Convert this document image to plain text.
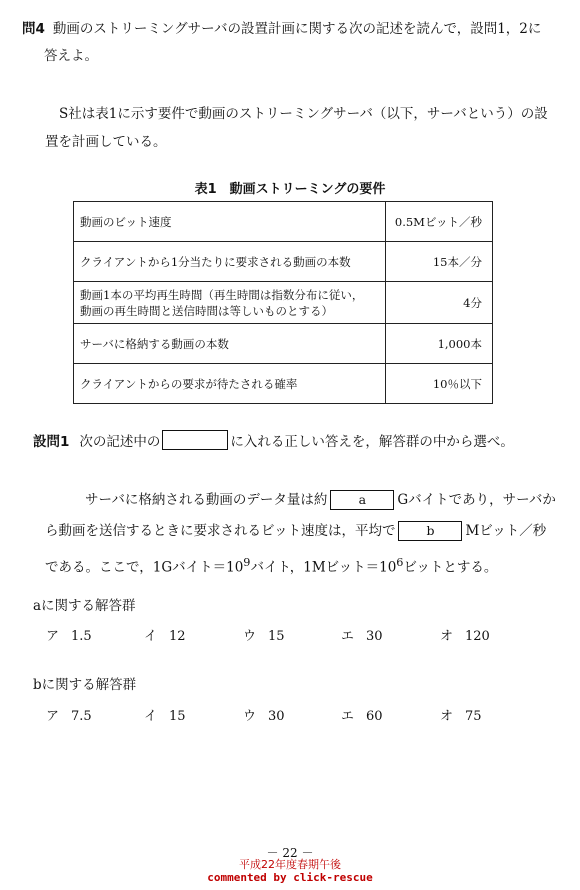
問4 動画のストリーミングサーバの設置計画に関する次の記述を読んで，設問1，2に
答えよ。
S社は表1に示す要件で動画のストリーミングサーバ（以下，サーバという）の設置を計画している。
表1　動画ストリーミングの要件
動画のビット速度	0.5Mビット／秒
クライアントから1分当たりに要求される動画の本数	15本／分

動画1本の平均再生時間（再生時間は指数分布に従い，
動画の再生時間と送信時間は等しいものとする）	4分
サーバに格納する動画の本数	1,000本
クライアントからの要求が待たされる確率	10％以下
設問1 次の記述中の	に入れる正しい答えを，解答群の中から選べ。
サーバに格納される動画のデータ量は約	a Gバイトであり，サーバから動画を送信するときに要求されるビット速度は，平均で b Mビット／秒である。ここで，1Gバイト$=10^9$バイト，1Mビット$=10^6$ビットとする。
aに関する解答群
ア 1.5	イ 12	ウ 15	エ 30	オ 120
bに関する解答群
ア 7.5	イ 15	ウ 30	エ 60	オ 75
－ 22 －
平成22年度春期午後
commented by click-rescue
